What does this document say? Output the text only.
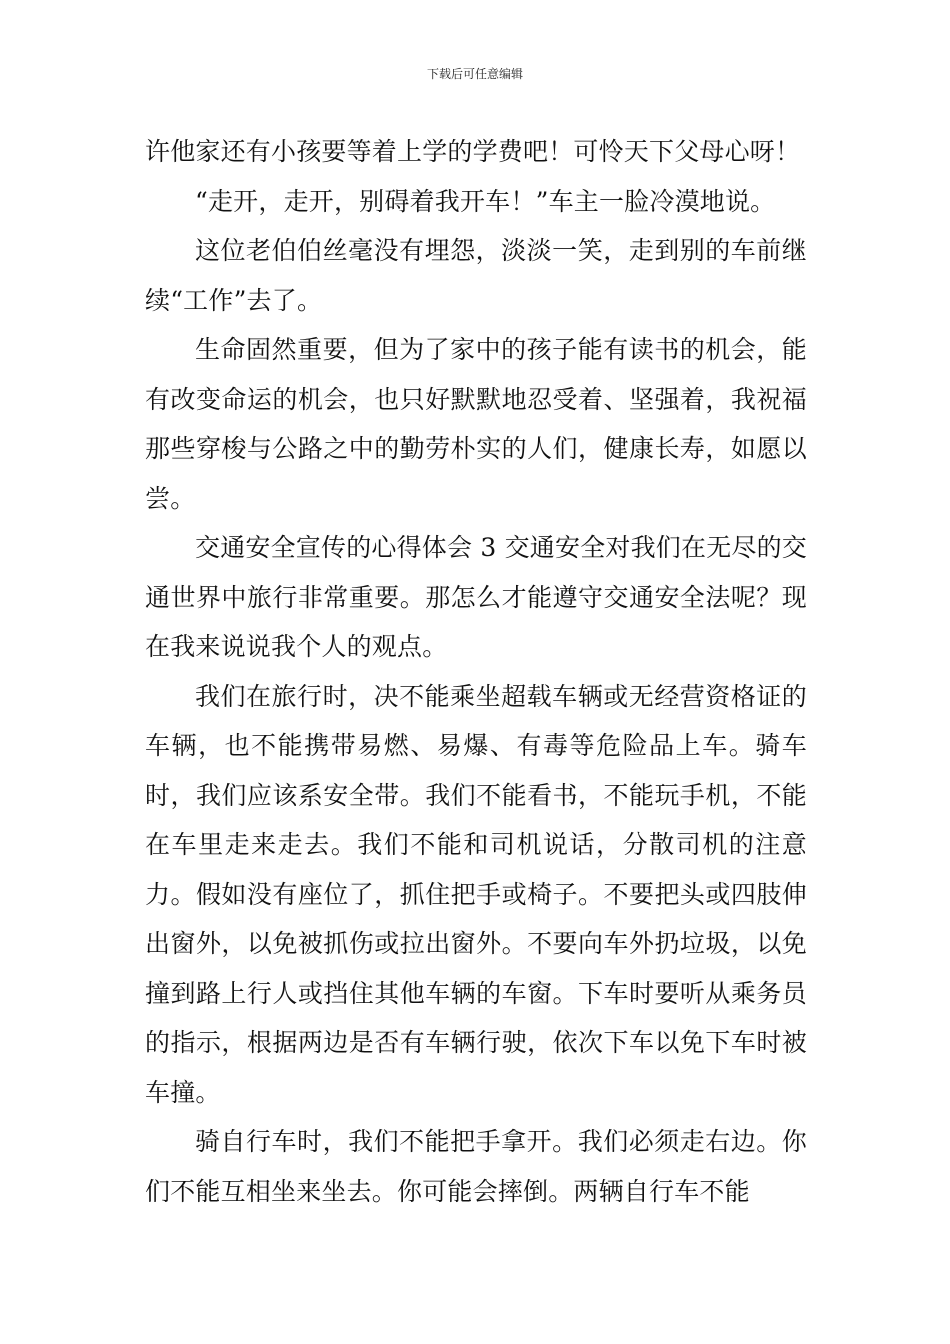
下载后可任意编辑

许他家还有小孩要等着上学的学费吧！可怜天下父母心呀！

“走开，走开，别碍着我开车！”车主一脸冷漠地说。

这位老伯伯丝毫没有埋怨，淡淡一笑，走到别的车前继续“工作”去了。

生命固然重要，但为了家中的孩子能有读书的机会，能有改变命运的机会，也只好默默地忍受着、坚强着，我祝福那些穿梭与公路之中的勤劳朴实的人们，健康长寿，如愿以尝。

交通安全宣传的心得体会 3 交通安全对我们在无尽的交通世界中旅行非常重要。那怎么才能遵守交通安全法呢？现在我来说说我个人的观点。

我们在旅行时，决不能乘坐超载车辆或无经营资格证的车辆，也不能携带易燃、易爆、有毒等危险品上车。骑车时，我们应该系安全带。我们不能看书，不能玩手机，不能在车里走来走去。我们不能和司机说话，分散司机的注意力。假如没有座位了，抓住把手或椅子。不要把头或四肢伸出窗外，以免被抓伤或拉出窗外。不要向车外扔垃圾，以免撞到路上行人或挡住其他车辆的车窗。下车时要听从乘务员的指示，根据两边是否有车辆行驶，依次下车以免下车时被车撞。

骑自行车时，我们不能把手拿开。我们必须走右边。你们不能互相坐来坐去。你可能会摔倒。两辆自行车不能
